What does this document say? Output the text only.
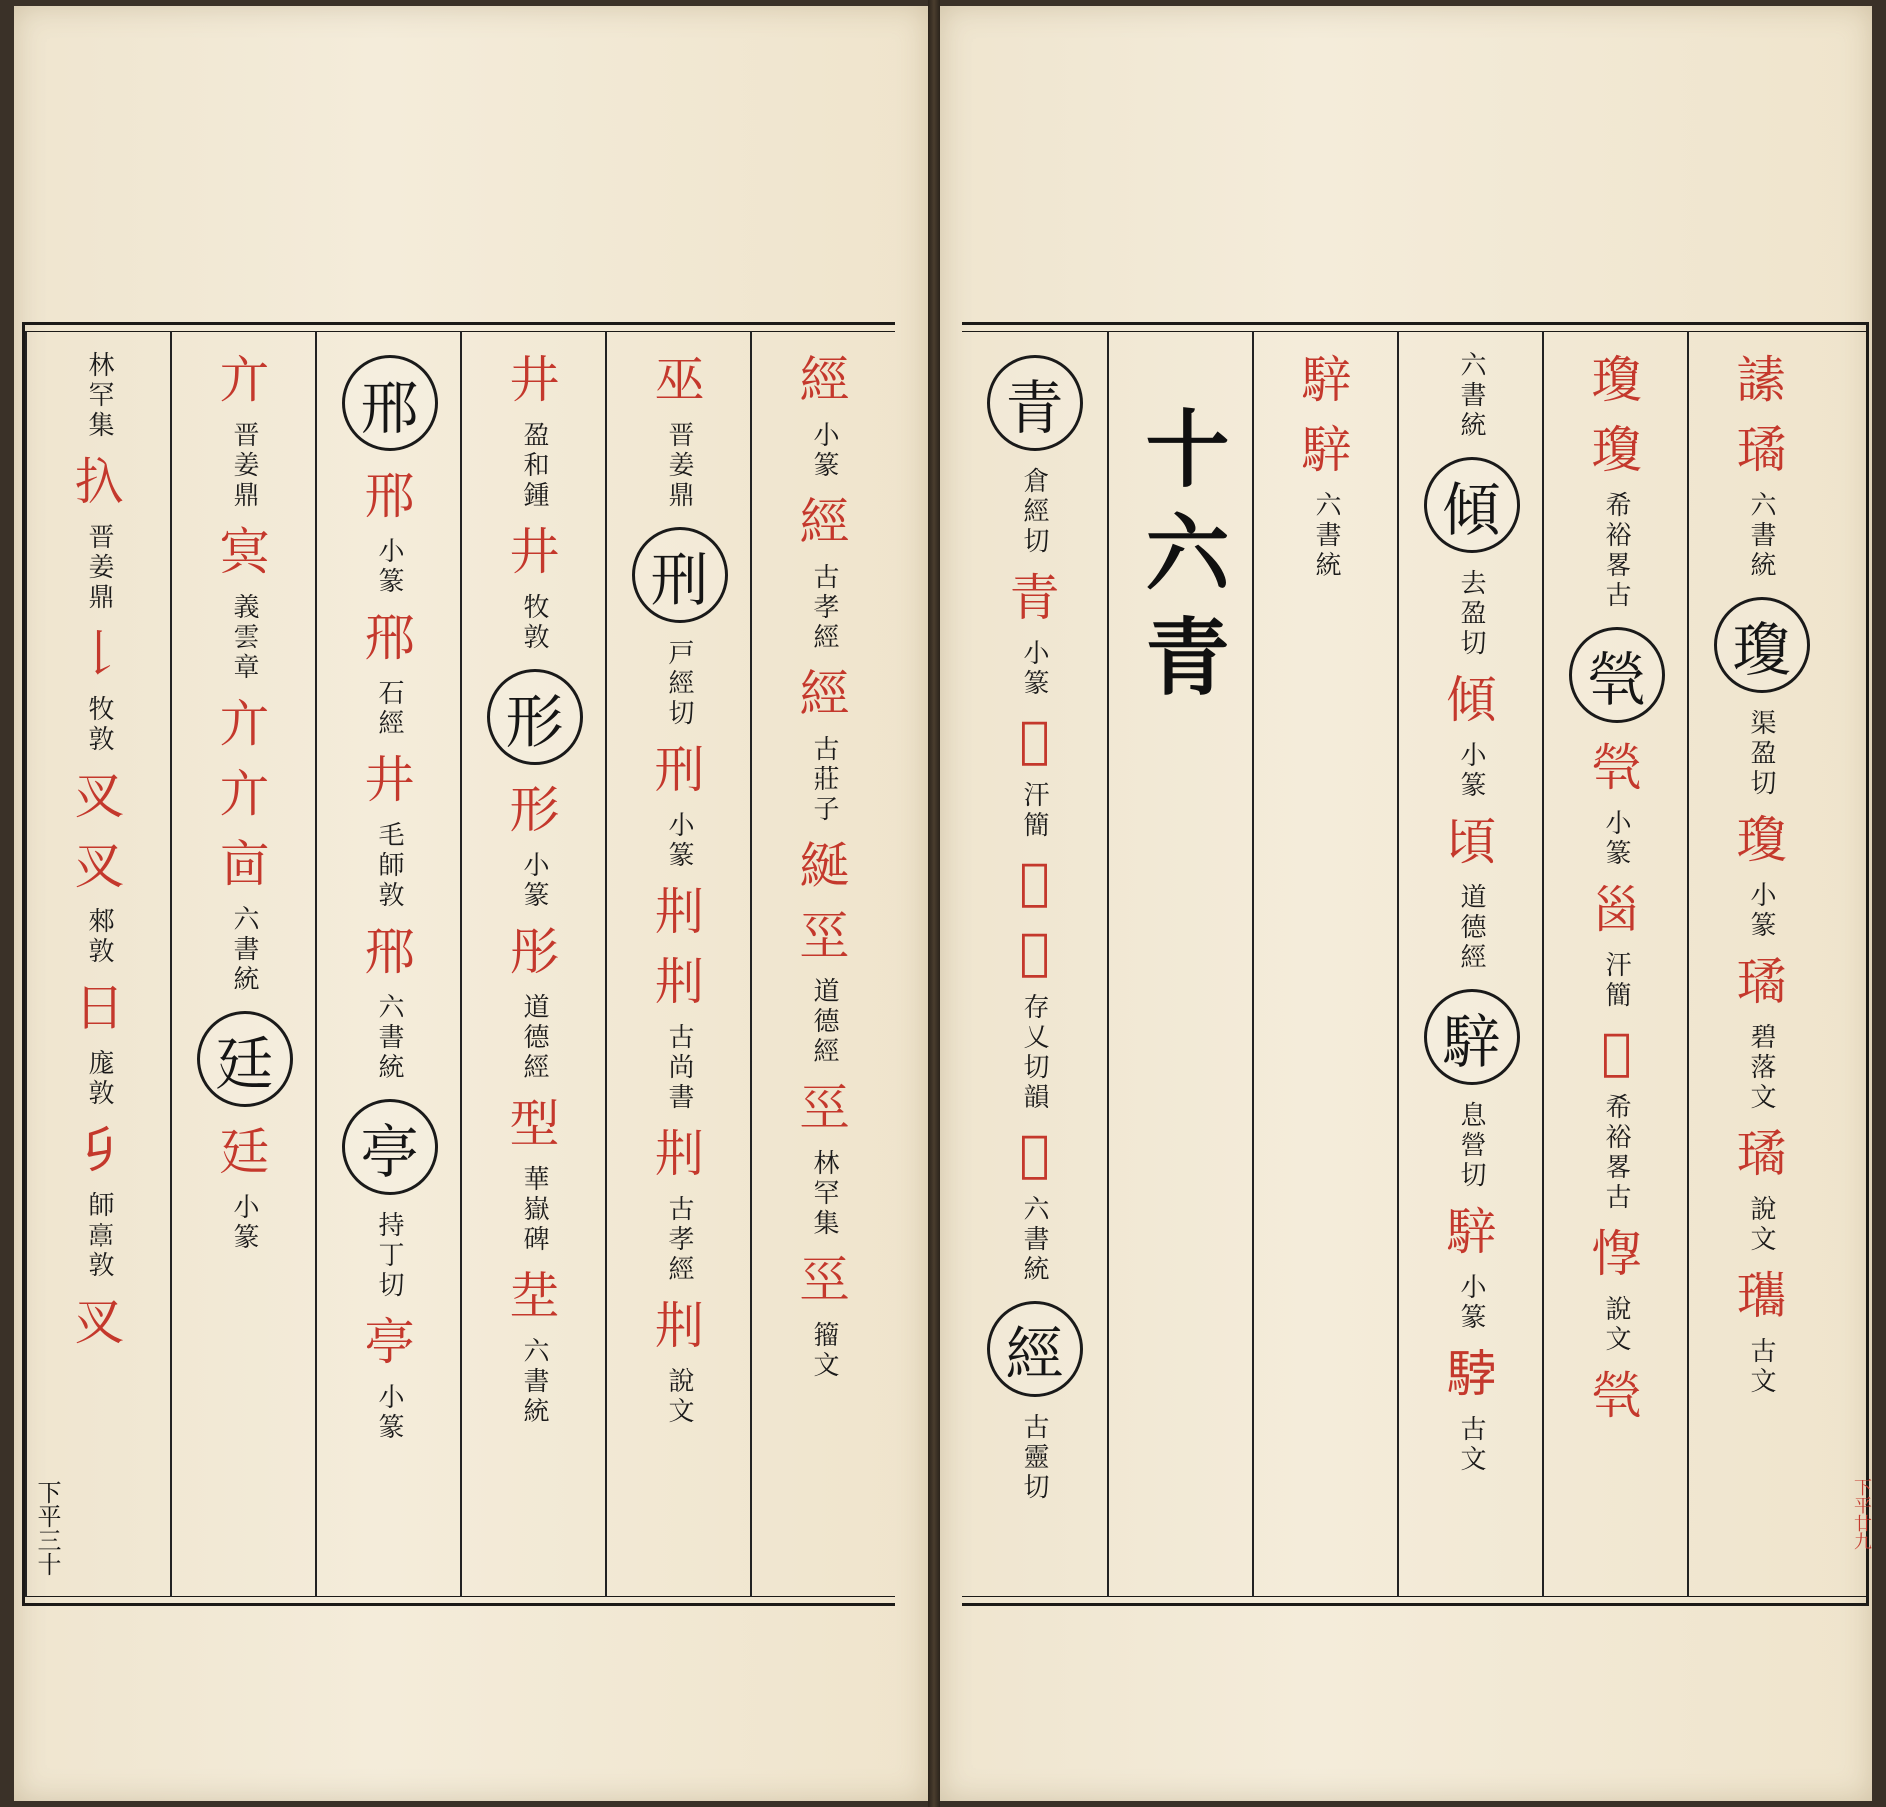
經
小篆
經
古孝經
經
古莊子
綖
坙
道德經
巠
林罕集
巠
籀文
巫
晋姜鼎
刑
戸經切
刑
小篆
㓝
㓝
古尚書
㓝
古孝經
㓝
說文
井
盈和鍾
井
牧敦
形
形
小篆
彤
道德經
型
華嶽碑
坓
六書統
邢
邢
小篆
郉
石經
井
毛師敦
郉
六書統
亭
持丁切
亭
小篆
亣
晋姜鼎
㝠
義雲章
亣
亣
㐭
六書統
廷
廷
小篆
林罕集
扖
晋姜鼎
𠄌
牧敦
㕚
㕚
郲敦
日
庬敦
𠂎
師𩫖敦
㕚
青
倉經切
青
小篆
𡴀
汗簡
𡴀
𡴀
存乂切韻
𡴀
六書統
經
古靈切
騂
騂
六書統
六書統
傾
去盈切
傾
小篆
頃
道德經
騂
息營切
騂
小篆
𩣡
古文
瓊
瓊
希裕畧古
煢
煢
小篆
𡿺
汗簡
𥞽
希裕畧古
惸
說文
煢
䛾
璚
六書統
瓊
渠盈切
瓊
小篆
璚
碧落文
璚
說文
瓗
古文
十六青
下平三十	下平廿九
